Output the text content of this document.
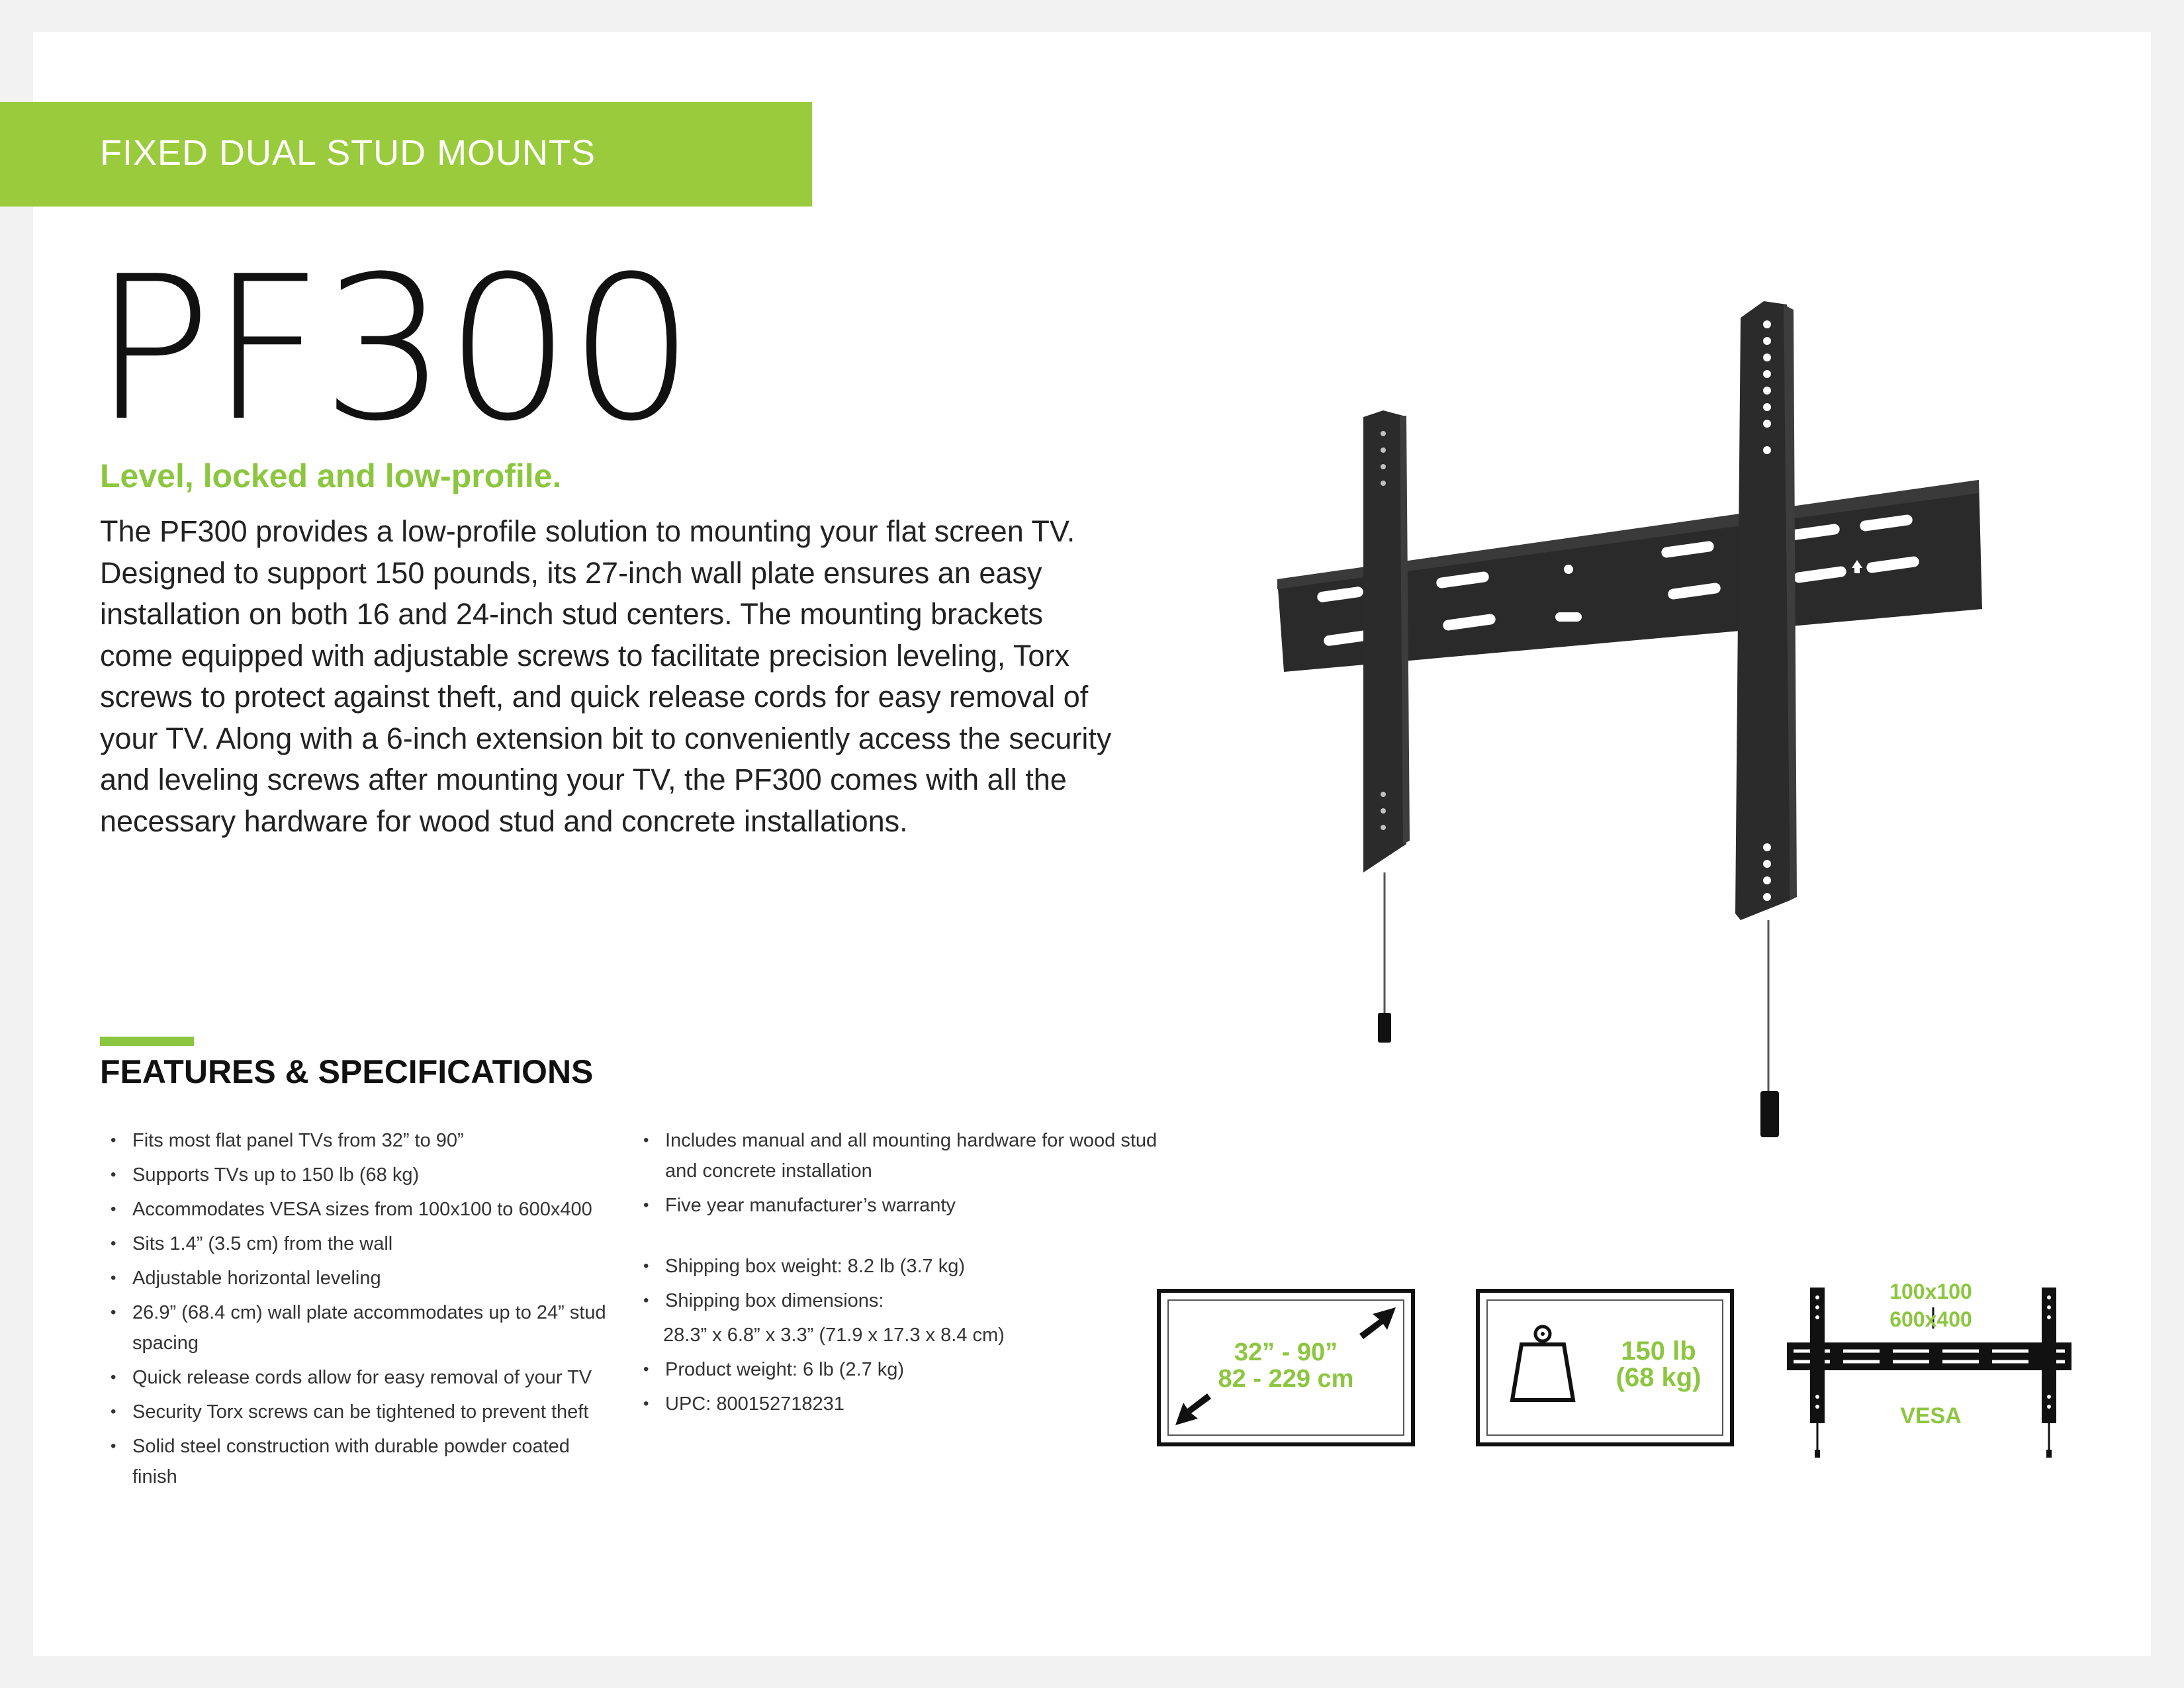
FIXED DUAL STUD MOUNTS
PF300
Level, locked and low-profile.
The PF300 provides a low-profile solution to mounting your flat screen TV.
Designed to support 150 pounds, its 27-inch wall plate ensures an easy
installation on both 16 and 24-inch stud centers. The mounting brackets
come equipped with adjustable screws to facilitate precision leveling, Torx
screws to protect against theft, and quick release cords for easy removal of
your TV. Along with a 6-inch extension bit to conveniently access the security
and leveling screws after mounting your TV, the PF300 comes with all the
necessary hardware for wood stud and concrete installations.
FEATURES & SPECIFICATIONS
• Fits most flat panel TVs from 32” to 90”
• Supports TVs up to 150 lb (68 kg)
• Accommodates VESA sizes from 100x100 to 600x400
• Sits 1.4” (3.5 cm) from the wall
• Adjustable horizontal leveling
• 26.9” (68.4 cm) wall plate accommodates up to 24” stud spacing
• Quick release cords allow for easy removal of your TV
• Security Torx screws can be tightened to prevent theft
• Solid steel construction with durable powder coated finish
• Includes manual and all mounting hardware for wood stud and concrete installation
• Five year manufacturer’s warranty
• Shipping box weight: 8.2 lb (3.7 kg)
• Shipping box dimensions:
28.3” x 6.8” x 3.3” (71.9 x 17.3 x 8.4 cm)
• Product weight: 6 lb (2.7 kg)
• UPC: 800152718231
32” - 90”
82 - 229 cm
150 lb
(68 kg)
100x100
600x400
VESA
